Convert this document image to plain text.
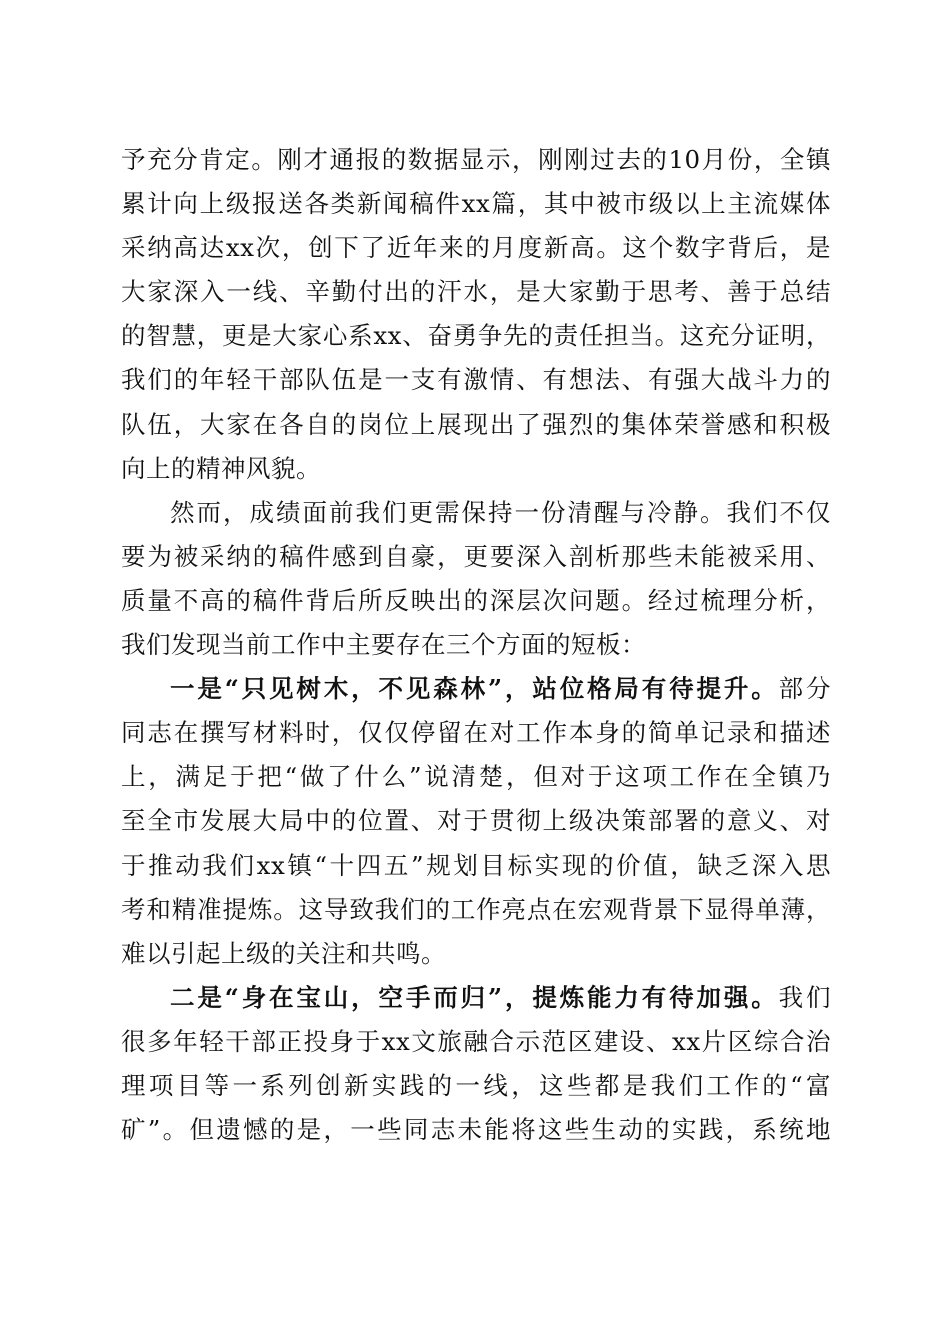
予充分肯定。刚才通报的数据显示，刚刚过去的10月份，全镇
累计向上级报送各类新闻稿件xx篇，其中被市级以上主流媒体
采纳高达xx次，创下了近年来的月度新高。这个数字背后，是
大家深入一线、辛勤付出的汗水，是大家勤于思考、善于总结
的智慧，更是大家心系xx、奋勇争先的责任担当。这充分证明，
我们的年轻干部队伍是一支有激情、有想法、有强大战斗力的
队伍，大家在各自的岗位上展现出了强烈的集体荣誉感和积极
向上的精神风貌。
然而，成绩面前我们更需保持一份清醒与冷静。我们不仅
要为被采纳的稿件感到自豪，更要深入剖析那些未能被采用、
质量不高的稿件背后所反映出的深层次问题。经过梳理分析，
我们发现当前工作中主要存在三个方面的短板：
一是“只见树木，不见森林”，站位格局有待提升。部分
同志在撰写材料时，仅仅停留在对工作本身的简单记录和描述
上，满足于把“做了什么”说清楚，但对于这项工作在全镇乃
至全市发展大局中的位置、对于贯彻上级决策部署的意义、对
于推动我们xx镇“十四五”规划目标实现的价值，缺乏深入思
考和精准提炼。这导致我们的工作亮点在宏观背景下显得单薄，
难以引起上级的关注和共鸣。
二是“身在宝山，空手而归”，提炼能力有待加强。我们
很多年轻干部正投身于xx文旅融合示范区建设、xx片区综合治
理项目等一系列创新实践的一线，这些都是我们工作的“富
矿”。但遗憾的是，一些同志未能将这些生动的实践，系统地
